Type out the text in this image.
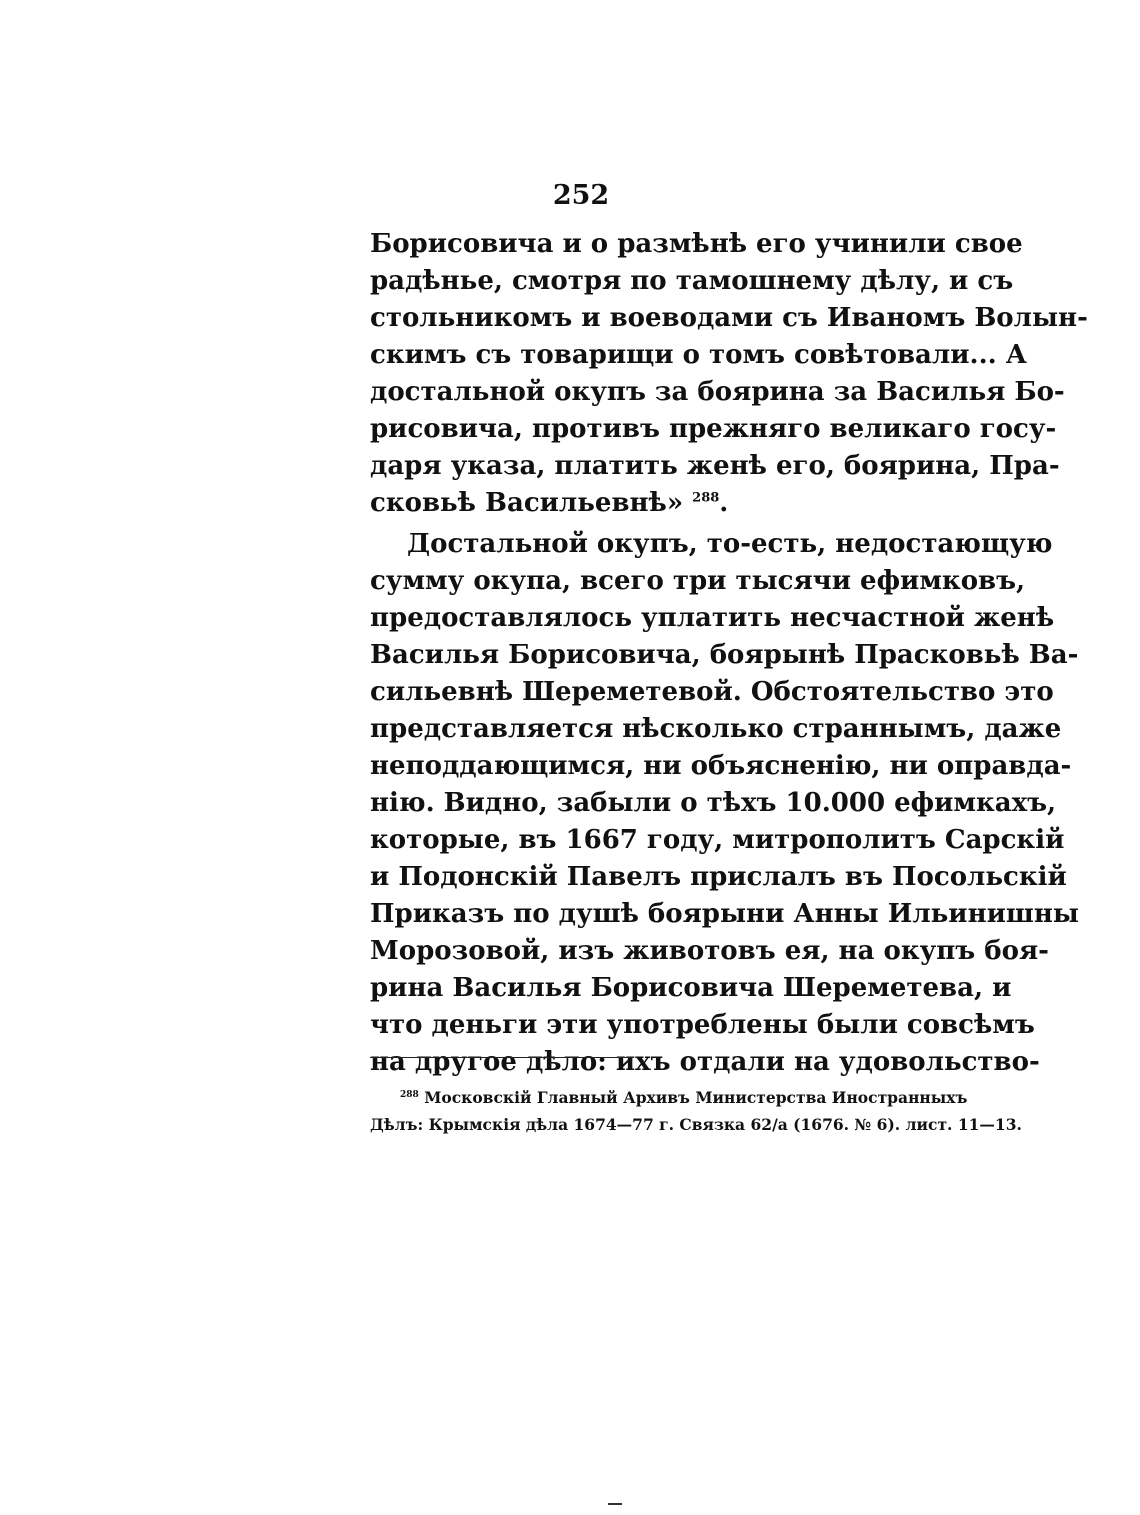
252
Борисовича и о размѣнѣ его учинили свое
радѣнье, смотря по тамошнему дѣлу, и съ
стольникомъ и воеводами съ Иваномъ Волын-
скимъ съ товарищи о томъ совѣтовали... А
достальной окупъ за боярина за Василья Бо-
рисовича, противъ прежняго великаго госу-
даря указа, платить женѣ его, боярина, Пра-
сковьѣ Васильевнѣ» $^{288}$.
Достальной окупъ, то-есть, недостающую
сумму окупа, всего три тысячи ефимковъ,
предоставлялось уплатить несчастной женѣ
Василья Борисовича, боярынѣ Прасковьѣ Ва-
сильевнѣ Шереметевой. Обстоятельство это
представляется нѣсколько страннымъ, даже
неподдающимся, ни объясненію, ни оправда-
нію. Видно, забыли о тѣхъ 10.000 ефимкахъ,
которые, въ 1667 году, митрополитъ Сарскій
и Подонскій Павелъ прислалъ въ Посольскій
Приказъ по душѣ боярыни Анны Ильинишны
Морозовой, изъ животовъ ея, на окупъ боя-
рина Василья Борисовича Шереметева, и
что деньги эти употреблены были совсѣмъ
на другое дѣло: ихъ отдали на удовольство-
$^{288}$ Московскій Главный Архивъ Министерства Иностранныхъ
Дѣлъ: Крымскія дѣла 1674—77 г. Связка 62/а (1676. № 6). лист. 11—13.
